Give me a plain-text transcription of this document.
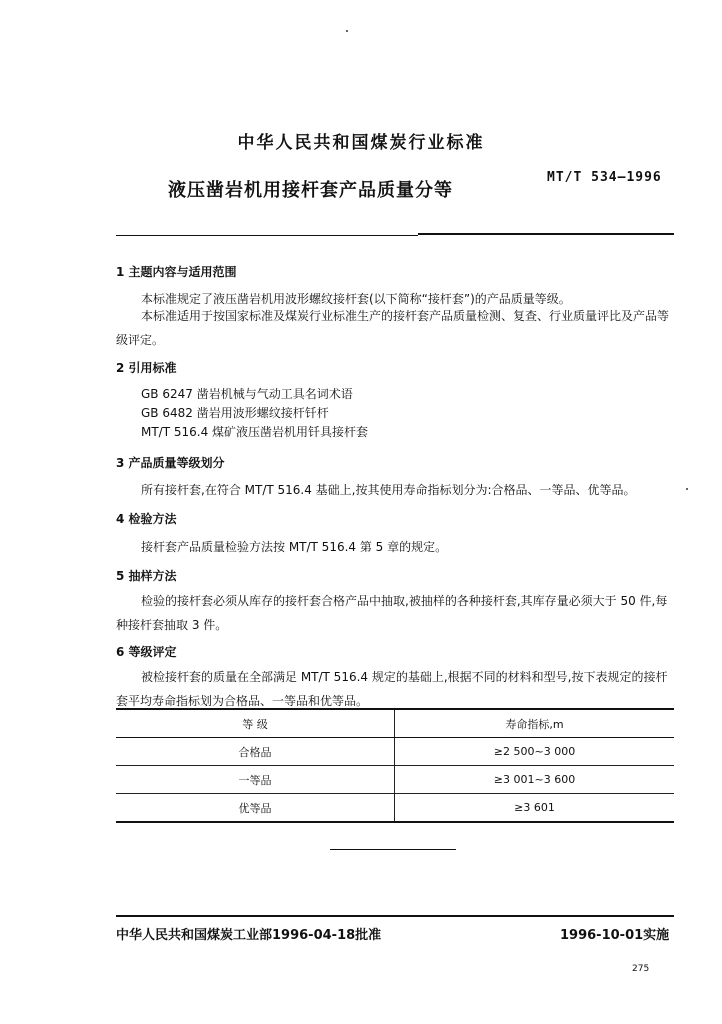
中华人民共和国煤炭行业标准
液压凿岩机用接杆套产品质量分等
MT/T 534—1996
1 主题内容与适用范围
本标准规定了液压凿岩机用波形螺纹接杆套(以下简称“接杆套”)的产品质量等级。
本标准适用于按国家标准及煤炭行业标准生产的接杆套产品质量检测、复查、行业质量评比及产品等级评定。
2 引用标准
GB 6247 凿岩机械与气动工具名词术语
GB 6482 凿岩用波形螺纹接杆钎杆
MT/T 516.4 煤矿液压凿岩机用钎具接杆套
3 产品质量等级划分
所有接杆套,在符合 MT/T 516.4 基础上,按其使用寿命指标划分为:合格品、一等品、优等品。
4 检验方法
接杆套产品质量检验方法按 MT/T 516.4 第 5 章的规定。
5 抽样方法
检验的接杆套必须从库存的接杆套合格产品中抽取,被抽样的各种接杆套,其库存量必须大于 50 件,每种接杆套抽取 3 件。
6 等级评定
被检接杆套的质量在全部满足 MT/T 516.4 规定的基础上,根据不同的材料和型号,按下表规定的接杆套平均寿命指标划为合格品、一等品和优等品。
等 级	寿命指标,m
合格品	≥2 500~3 000
一等品	≥3 001~3 600
优等品	≥3 601
中华人民共和国煤炭工业部1996-04-18批准	1996-10-01实施
275
